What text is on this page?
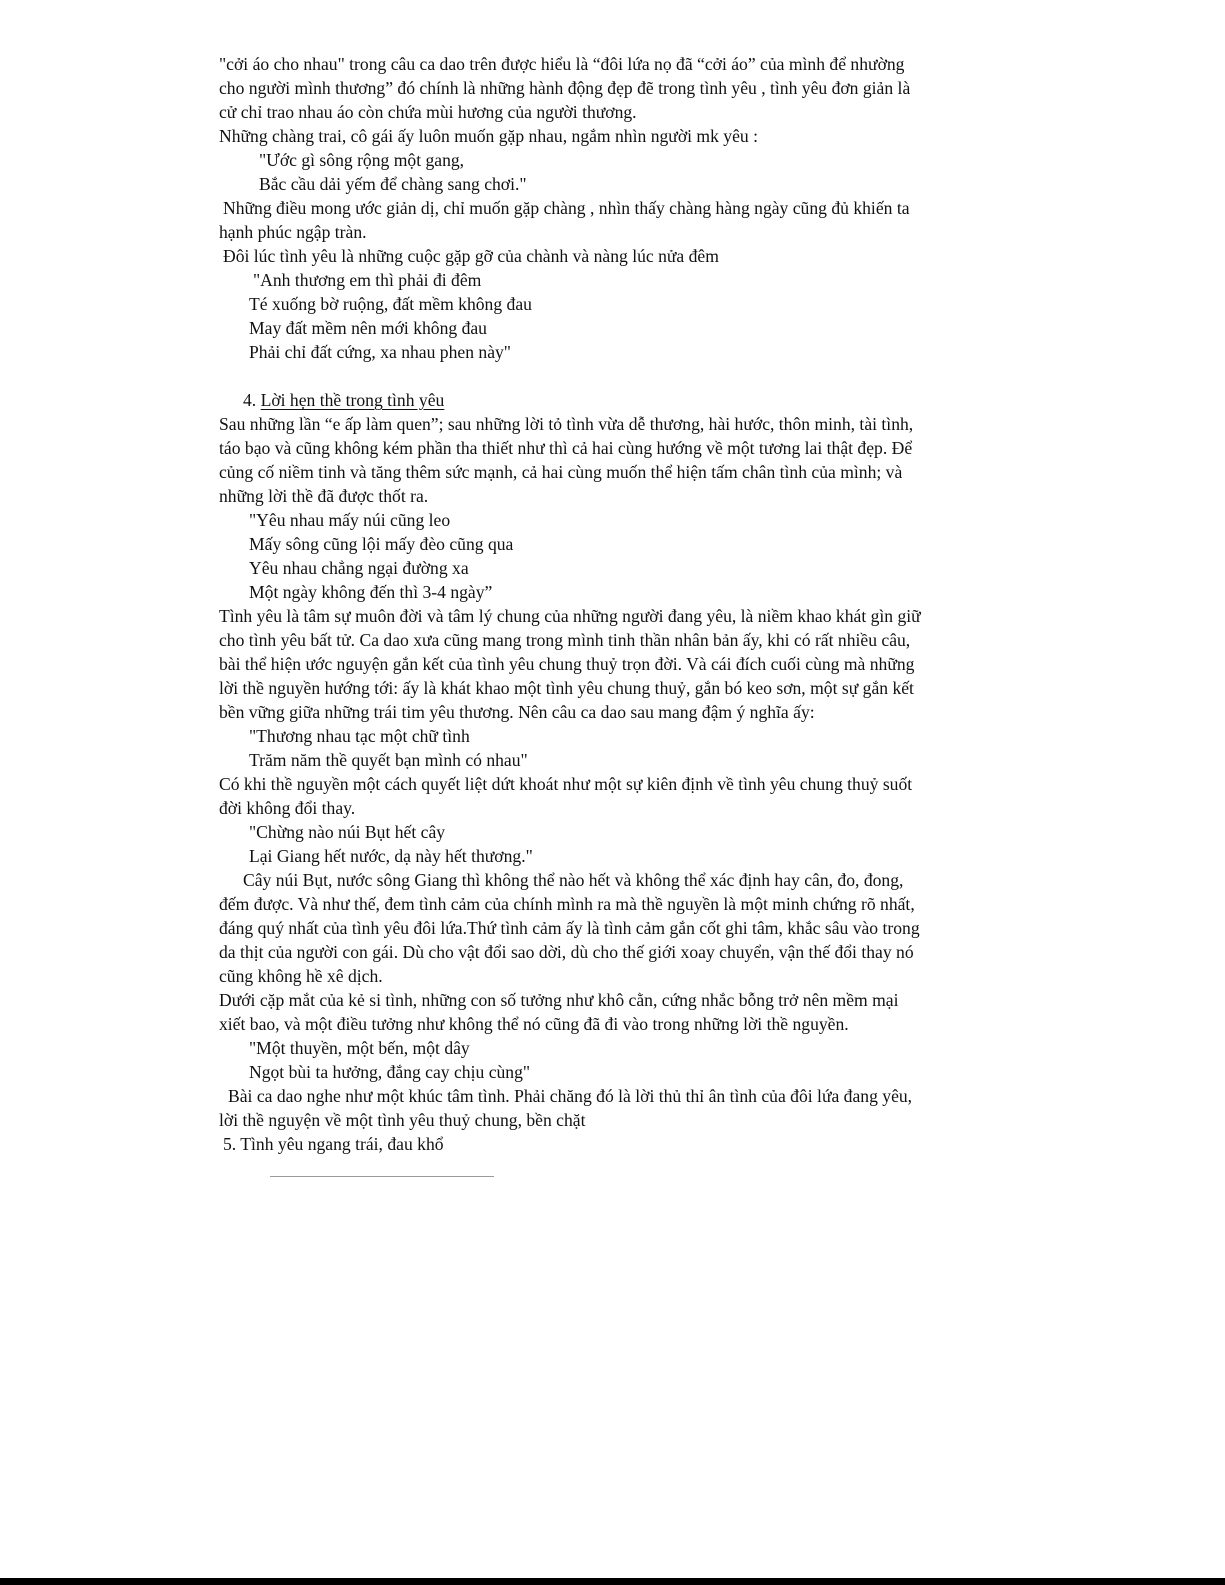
"cởi áo cho nhau" trong câu ca dao trên được hiểu là “đôi lứa nọ đã “cởi áo” của mình để nhường
cho người mình thương” đó chính là những hành động đẹp đẽ trong tình yêu , tình yêu đơn giản là
cử chỉ trao nhau áo còn chứa mùi hương của người thương.
Những chàng trai, cô gái ấy luôn muốn gặp nhau, ngắm nhìn người mk yêu :
"Ước gì sông rộng một gang,
Bắc cầu dải yếm để chàng sang chơi."
Những điều mong ước giản dị, chỉ muốn gặp chàng , nhìn thấy chàng hàng ngày cũng đủ khiến ta
hạnh phúc ngập tràn.
Đôi lúc tình yêu là những cuộc gặp gỡ của chành và nàng lúc nửa đêm
"Anh thương em thì phải đi đêm
Té xuống bờ ruộng, đất mềm không đau
May đất mềm nên mới không đau
Phải chỉ đất cứng, xa nhau phen này"
4. Lời hẹn thề trong tình yêu
Sau những lần “e ấp làm quen”; sau những lời tỏ tình vừa dễ thương, hài hước, thôn minh, tài tình,
táo bạo và cũng không kém phần tha thiết như thì cả hai cùng hướng về một tương lai thật đẹp. Để
củng cố niềm tinh và tăng thêm sức mạnh, cả hai cùng muốn thể hiện tấm chân tình của mình; và
những lời thề đã được thốt ra.
"Yêu nhau mấy núi cũng leo
Mấy sông cũng lội mấy đèo cũng qua
Yêu nhau chẳng ngại đường xa
Một ngày không đến thì 3-4 ngày”
Tình yêu là tâm sự muôn đời và tâm lý chung của những người đang yêu, là niềm khao khát gìn giữ
cho tình yêu bất tử. Ca dao xưa cũng mang trong mình tinh thần nhân bản ấy, khi có rất nhiều câu,
bài thể hiện ước nguyện gắn kết của tình yêu chung thuỷ trọn đời. Và cái đích cuối cùng mà những
lời thề nguyền hướng tới: ấy là khát khao một tình yêu chung thuỷ, gắn bó keo sơn, một sự gắn kết
bền vững giữa những trái tim yêu thương. Nên câu ca dao sau mang đậm ý nghĩa ấy:
"Thương nhau tạc một chữ tình
Trăm năm thề quyết bạn mình có nhau"
Có khi thề nguyền một cách quyết liệt dứt khoát như một sự kiên định về tình yêu chung thuỷ suốt
đời không đổi thay.
"Chừng nào núi Bụt hết cây
Lại Giang hết nước, dạ này hết thương."
Cây núi Bụt, nước sông Giang thì không thể nào hết và không thể xác định hay cân, đo, đong,
đếm được. Và như thế, đem tình cảm của chính mình ra mà thề nguyền là một minh chứng rõ nhất,
đáng quý nhất của tình yêu đôi lứa.Thứ tình cảm ấy là tình cảm gắn cốt ghi tâm, khắc sâu vào trong
da thịt của người con gái. Dù cho vật đổi sao dời, dù cho thế giới xoay chuyển, vận thế đổi thay nó
cũng không hề xê dịch.
Dưới cặp mắt của kẻ si tình, những con số tưởng như khô cằn, cứng nhắc bỗng trở nên mềm mại
xiết bao, và một điều tưởng như không thể nó cũng đã đi vào trong những lời thề nguyền.
"Một thuyền, một bến, một dây
Ngọt bùi ta hưởng, đắng cay chịu cùng"
Bài ca dao nghe như một khúc tâm tình. Phải chăng đó là lời thủ thỉ ân tình của đôi lứa đang yêu,
lời thề nguyện về một tình yêu thuỷ chung, bền chặt
5. Tình yêu ngang trái, đau khổ
